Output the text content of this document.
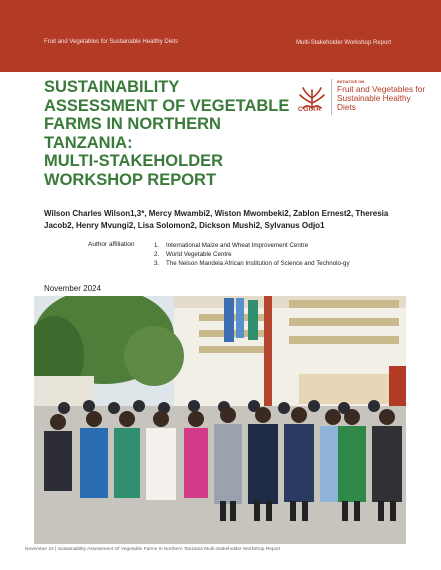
Fruit and Vegetables for Sustainable Healthy Diets	Multi-Stakeholder Workshop Report
SUSTAINABILITY
ASSESSMENT OF VEGETABLE
FARMS IN NORTHERN
TANZANIA:
MULTI-STAKEHOLDER
WORKSHOP REPORT
CGIAR
INITIATIVE ON
Fruit and Vegetables for Sustainable Healthy Diets

Wilson Charles Wilson1,3*, Mercy Mwambi2, Wiston Mwombeki2, Zablon Ernest2, Theresia Jacob2, Henry Mvungi2, Lisa Solomon2, Dickson Mushi2, Sylvanus Odjo1

Author affiliation	1. International Maize and Wheat Improvement Centre
2. World Vegetable Centre
3. The Nelson Mandela African Institution of Science and Technolo-gy
November 2024
November 24 | Sustainability Assessment Of Vegetable Farms In Northern Tanzania Multi-Stakeholder Workshop Report
